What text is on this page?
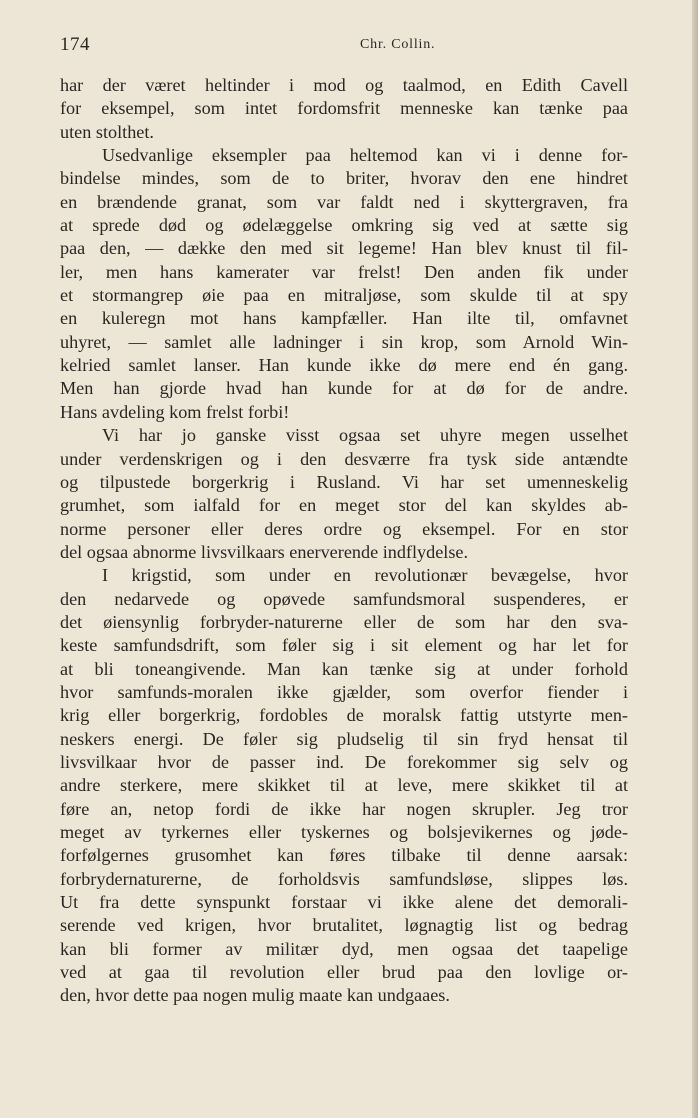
174	Chr. Collin.
har der været heltinder i mod og taalmod, en Edith Cavell
for eksempel, som intet fordomsfrit menneske kan tænke paa
uten stolthet.
Usedvanlige eksempler paa heltemod kan vi i denne for-
bindelse mindes, som de to briter, hvorav den ene hindret
en brændende granat, som var faldt ned i skyttergraven, fra
at sprede død og ødelæggelse omkring sig ved at sætte sig
paa den, — dække den med sit legeme! Han blev knust til fil-
ler, men hans kamerater var frelst! Den anden fik under
et stormangrep øie paa en mitraljøse, som skulde til at spy
en kuleregn mot hans kampfæller. Han ilte til, omfavnet
uhyret, — samlet alle ladninger i sin krop, som Arnold Win-
kelried samlet lanser. Han kunde ikke dø mere end én gang.
Men han gjorde hvad han kunde for at dø for de andre.
Hans avdeling kom frelst forbi!
Vi har jo ganske visst ogsaa set uhyre megen usselhet
under verdenskrigen og i den desværre fra tysk side antændte
og tilpustede borgerkrig i Rusland. Vi har set umenneskelig
grumhet, som ialfald for en meget stor del kan skyldes ab-
norme personer eller deres ordre og eksempel. For en stor
del ogsaa abnorme livsvilkaars enerverende indflydelse.
I krigstid, som under en revolutionær bevægelse, hvor
den nedarvede og opøvede samfundsmoral suspenderes, er
det øiensynlig forbryder-naturerne eller de som har den sva-
keste samfundsdrift, som føler sig i sit element og har let for
at bli toneangivende. Man kan tænke sig at under forhold
hvor samfunds-moralen ikke gjælder, som overfor fiender i
krig eller borgerkrig, fordobles de moralsk fattig utstyrte men-
neskers energi. De føler sig pludselig til sin fryd hensat til
livsvilkaar hvor de passer ind. De forekommer sig selv og
andre sterkere, mere skikket til at leve, mere skikket til at
føre an, netop fordi de ikke har nogen skrupler. Jeg tror
meget av tyrkernes eller tyskernes og bolsjevikernes og jøde-
forfølgernes grusomhet kan føres tilbake til denne aarsak:
forbrydernaturerne, de forholdsvis samfundsløse, slippes løs.
Ut fra dette synspunkt forstaar vi ikke alene det demorali-
serende ved krigen, hvor brutalitet, løgnagtig list og bedrag
kan bli former av militær dyd, men ogsaa det taapelige
ved at gaa til revolution eller brud paa den lovlige or-
den, hvor dette paa nogen mulig maate kan undgaaes.
